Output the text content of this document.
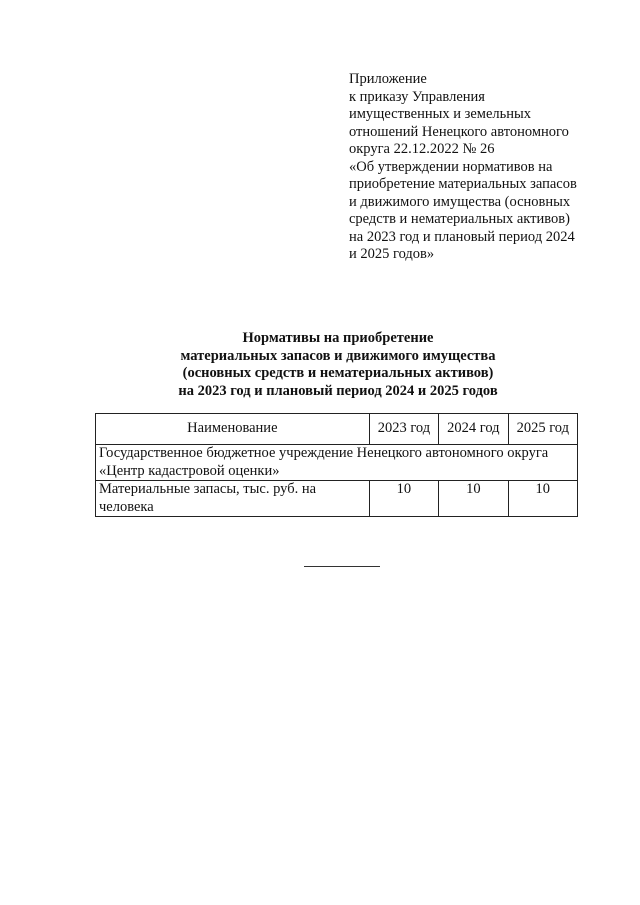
Приложение
к приказу Управления
имущественных и земельных
отношений Ненецкого автономного
округа 22.12.2022 № 26
«Об утверждении нормативов на
приобретение материальных запасов
и движимого имущества (основных
средств и нематериальных активов)
на 2023 год и плановый период 2024
и 2025 годов»
Нормативы на приобретение
материальных запасов и движимого имущества
(основных средств и нематериальных активов)
на 2023 год и плановый период 2024 и 2025 годов
Наименование	2023 год	2024 год	2025 год
Государственное бюджетное учреждение Ненецкого автономного округа «Центр кадастровой оценки»			
Материальные запасы, тыс. руб. на человека	10	10	10
